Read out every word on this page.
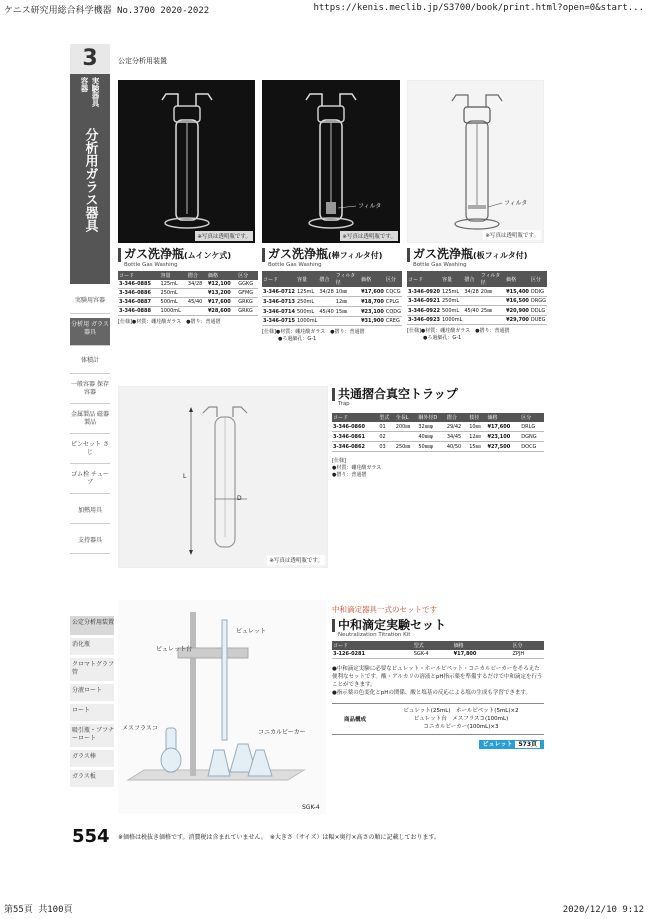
ケニス研究用総合科学機器 No.3700 2020-2022	https://kenis.meclib.jp/S3700/book/print.html?open=0&start...
3
実験器具容器
分析用ガラス器具
実験用容器
分析用 ガラス器具
体積計
一般容器 保存容器
金属製品 磁器製品
ピンセット さじ
ゴム栓 チューブ
加熱用具
支持器具
公定分析用装置
消化瓶
クロマトグラフ管
分液ロート
ロート
吸引瓶・ブフナーロート
ガラス棒
ガラス板
公定分析用装置
※写真は透明瓶です。
フィルタ
※写真は透明瓶です。
フィルタ
※写真は透明瓶です。
ガス洗浄瓶(ムインケ式)
Bottle Gas Washing
コード	容量	摺合	価格	区分
3-346-0885	125mL	34/28	¥12,100	GGKG
3-346-0886	250mL		¥13,200	GFMG
3-346-0887	500mL	45/40	¥17,600	GRKG
3-346-0888	1000mL		¥28,600	GRKG
[仕様]●材質：硼珪酸ガラス　●摺り：普通摺
ガス洗浄瓶(棒フィルタ付)
Bottle Gas Washing
コード	容量	摺合	フィルタ径	価格	区分
3-346-0712	125mL	34/28	10㎜	¥17,600	CQCG
3-346-0713	250mL		12㎜	¥18,700	CPLG
3-346-0714	500mL	45/40	15㎜	¥23,100	CQDG
3-346-0715	1000mL			¥31,900	CREG
[仕様]●材質：硼珪酸ガラス　●摺り：普通摺
●ろ過細孔：G-1
ガス洗浄瓶(板フィルタ付)
Bottle Gas Washing
コード	容量	摺合	フィルタ径	価格	区分
3-346-0920	125mL	34/28	20㎜	¥15,400	DDIG
3-346-0921	250mL			¥16,500	DRGG
3-346-0922	500mL	45/40	25㎜	¥20,900	DDLG
3-346-0923	1000mL			¥29,700	DUEG
[仕様]●材質：硼珪酸ガラス　●摺り：普通摺
●ろ過細孔：G-1
L
D
※写真は透明瓶です。
共通摺合真空トラップ
Trap
コード	型式	全長L	胴外径D	摺合	枝径	価格	区分
3-346-0860	01	200㎜	32㎜φ	29/42	10㎜	¥17,600	DRLG
3-346-0861	02		40㎜φ	34/45	12㎜	¥23,100	DGNG
3-346-0862	03	250㎜	50㎜φ	40/50	15㎜	¥27,500	DOCG
[仕様]
●材質：硼珪酸ガラス
●摺り：普通摺
ビュレット台
ビュレット
メスフラスコ
コニカルビーカー
SGK-4
中和滴定器具一式のセットです
中和滴定実験セット
Neutralization Titration Kit
コード	型式	価格	区分
3-126-0281	SGK-4	¥17,800	ZPJH
●中和滴定実験に必要なビュレット・ホールピペット・コニカルビーカーをそろえた便利なセットです。酸・アルカリの溶液とpH指示薬を準備するだけで中和滴定を行うことができます。
●指示薬の色変化とpHの関係、酸と塩基の反応による塩の生成も学習できます。
商品構成
ビュレット(25mL)　ホールピペット(5mL)×2
ビュレット台　メスフラスコ(100mL)
コニカルビーカー(100mL)×3
ビュレット 573頁
554 ※価格は税抜き価格です。消費税は含まれていません。　※大きさ（サイズ）は幅×奥行×高さの順に記載しております。
第55頁 共100頁	2020/12/10 9:12
